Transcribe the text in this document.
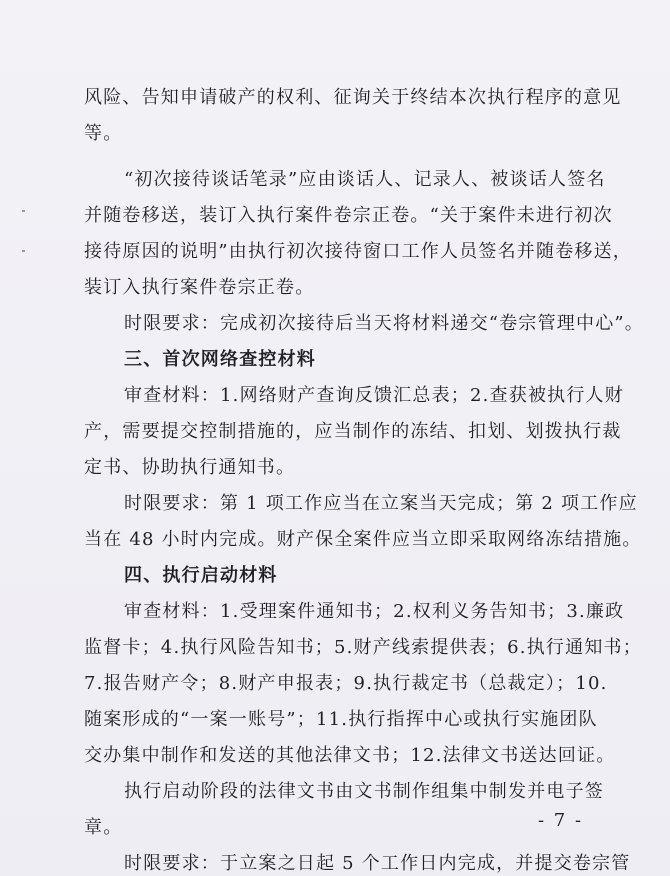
风险、告知申请破产的权利、征询关于终结本次执行程序的意见
等。
“初次接待谈话笔录”应由谈话人、记录人、被谈话人签名
并随卷移送，装订入执行案件卷宗正卷。“关于案件未进行初次
接待原因的说明”由执行初次接待窗口工作人员签名并随卷移送，
装订入执行案件卷宗正卷。
时限要求：完成初次接待后当天将材料递交“卷宗管理中心”。
三、首次网络查控材料
审查材料：1.网络财产查询反馈汇总表；2.查获被执行人财
产，需要提交控制措施的，应当制作的冻结、扣划、划拨执行裁
定书、协助执行通知书。
时限要求：第 1 项工作应当在立案当天完成；第 2 项工作应
当在 48 小时内完成。财产保全案件应当立即采取网络冻结措施。
四、执行启动材料
审查材料：1.受理案件通知书；2.权利义务告知书；3.廉政
监督卡；4.执行风险告知书；5.财产线索提供表；6.执行通知书；
7.报告财产令；8.财产申报表；9.执行裁定书（总裁定）；10.
随案形成的“一案一账号”；11.执行指挥中心或执行实施团队
交办集中制作和发送的其他法律文书；12.法律文书送达回证。
执行启动阶段的法律文书由文书制作组集中制发并电子签
章。
时限要求：于立案之日起 5 个工作日内完成，并提交卷宗管
- 7 -
